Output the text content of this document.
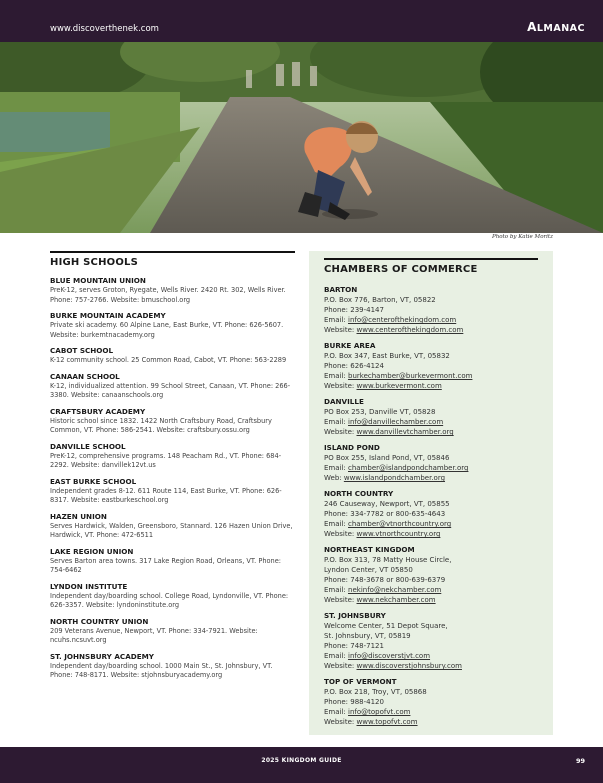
www.discoverthenek.com	ALMANAC
Photo by Katie Moritz
HIGH SCHOOLS
BLUE MOUNTAIN UNION
PreK-12, serves Groton, Ryegate, Wells River. 2420 Rt. 302, Wells River. Phone: 757-2766. Website: bmuschool.org
BURKE MOUNTAIN ACADEMY
Private ski academy. 60 Alpine Lane, East Burke, VT. Phone: 626-5607. Website: burkemtnacademy.org
CABOT SCHOOL
K-12 community school. 25 Common Road, Cabot, VT. Phone: 563-2289
CANAAN SCHOOL
K-12, individualized attention. 99 School Street, Canaan, VT. Phone: 266-3380. Website: canaanschools.org
CRAFTSBURY ACADEMY
Historic school since 1832. 1422 North Craftsbury Road, Craftsbury Common, VT. Phone: 586-2541. Website: craftsbury.ossu.org
DANVILLE SCHOOL
PreK-12, comprehensive programs. 148 Peacham Rd., VT. Phone: 684-2292. Website: danvillek12vt.us
EAST BURKE SCHOOL
Independent grades 8-12. 611 Route 114, East Burke, VT. Phone: 626-8317. Website: eastburkeschool.org
HAZEN UNION
Serves Hardwick, Walden, Greensboro, Stannard. 126 Hazen Union Drive, Hardwick, VT. Phone: 472-6511
LAKE REGION UNION
Serves Barton area towns. 317 Lake Region Road, Orleans, VT. Phone: 754-6462
LYNDON INSTITUTE
Independent day/boarding school. College Road, Lyndonville, VT. Phone: 626-3357. Website: lyndoninstitute.org
NORTH COUNTRY UNION
209 Veterans Avenue, Newport, VT. Phone: 334-7921. Website: ncuhs.ncsuvt.org
ST. JOHNSBURY ACADEMY
Independent day/boarding school. 1000 Main St., St. Johnsbury, VT. Phone: 748-8171. Website: stjohnsburyacademy.org
CHAMBERS OF COMMERCE
BARTON
P.O. Box 776, Barton, VT, 05822
Phone: 239-4147
Email: info@centerofthekingdom.com
Website: www.centerofthekingdom.com
BURKE AREA
P.O. Box 347, East Burke, VT, 05832
Phone: 626-4124
Email: burkechamber@burkevermont.com
Website: www.burkevermont.com
DANVILLE
PO Box 253, Danville VT, 05828
Email: info@danvillechamber.com
Website: www.danvillevtchamber.org
ISLAND POND
PO Box 255, Island Pond, VT, 05846
Email: chamber@islandpondchamber.org
Web: www.islandpondchamber.org
NORTH COUNTRY
246 Causeway, Newport, VT, 05855
Phone: 334-7782 or 800-635-4643
Email: chamber@vtnorthcountry.org
Website: www.vtnorthcountry.org
NORTHEAST KINGDOM
P.O. Box 313, 78 Matty House Circle,
Lyndon Center, VT 05850
Phone: 748-3678 or 800-639-6379
Email: nekinfo@nekchamber.com
Website: www.nekchamber.com
ST. JOHNSBURY
Welcome Center, 51 Depot Square,
St. Johnsbury, VT, 05819
Phone: 748-7121
Email: info@discoverstjvt.com
Website: www.discoverstjohnsbury.com
TOP OF VERMONT
P.O. Box 218, Troy, VT, 05868
Phone: 988-4120
Email: info@topofvt.com
Website: www.topofvt.com
2025 KINGDOM GUIDE	99
